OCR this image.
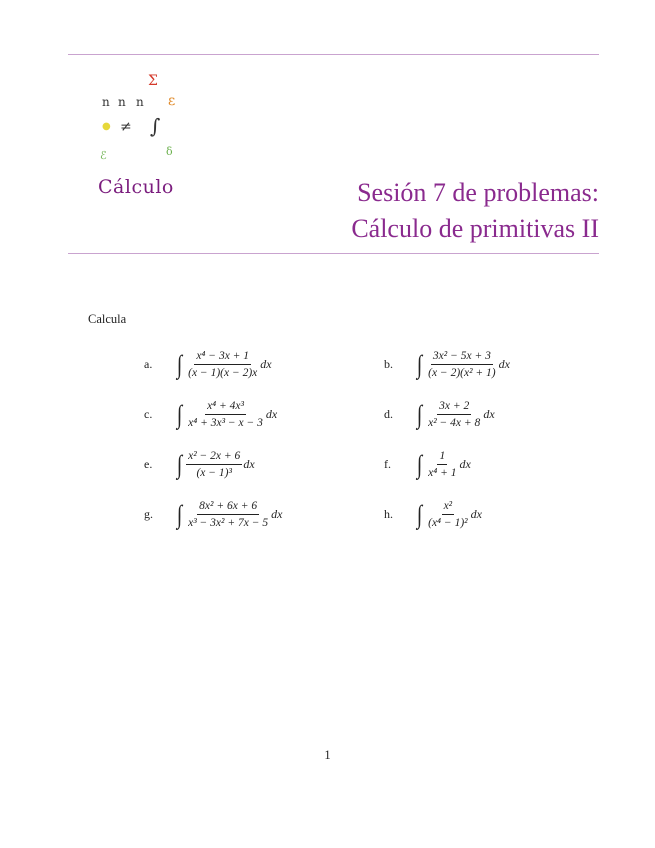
Σ
n n n ε
● ≠ ∫
ℰ	ẟ
Cálculo	Sesión 7 de problemas:
Cálculo de primitivas II
Calcula
a. ∫ $\frac{\text{x⁴ − 3x + 1}}{(x - 1)(x - 2)x}$ dx	b. ∫ $\frac{\text{3x² − 5x + 3}}{\text{(x − 2)(x² + 1)}}$ dx
c. ∫ $\frac{\text{x⁴ + 4x³}}{\text{x⁴ + 3x³ − x − 3}}$ dx	d. ∫ $\frac{3x + 2}{\text{x² − 4x + 8}}$ dx
e. ∫ $\frac{\text{x² − 2x + 6}}{\text{(x − 1)³}}$ dx	f. ∫ $\frac{1}{\text{x⁴ + 1}}$ dx
g. ∫ $\frac{\text{8x² + 6x + 6}}{\text{x³ − 3x² + 7x − 5}}$ dx	h. ∫ $\frac{\text{x²}}{\text{(x⁴ − 1)²}}$ dx
1
